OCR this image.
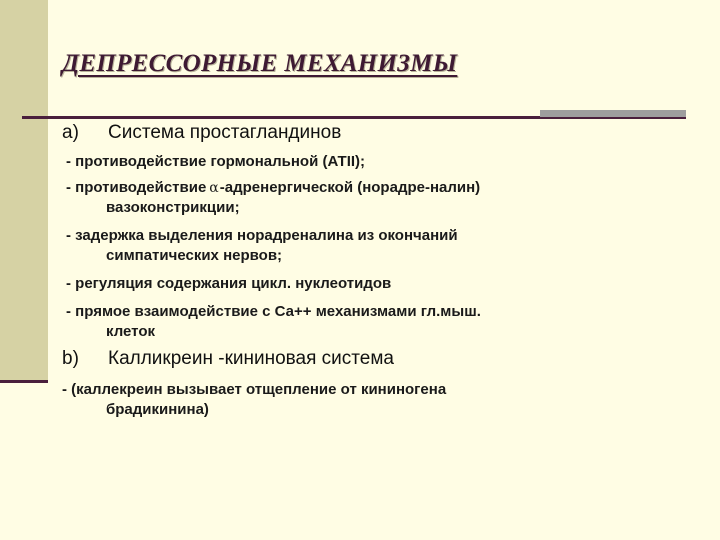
ДЕПРЕССОРНЫЕ МЕХАНИЗМЫ
a) Система простагландинов
- противодействие гормональной (АТII);
- противодействие α-адренергической (норадре-налин)
вазоконстрикции;
- задержка выделения норадреналина из окончаний
симпатических нервов;
- регуляция содержания цикл. нуклеотидов
- прямое взаимодействие с Са++ механизмами гл.мыш.
клеток
b) Калликреин -кининовая система
- (каллекреин вызывает отщепление от кининогена
брадикинина)
